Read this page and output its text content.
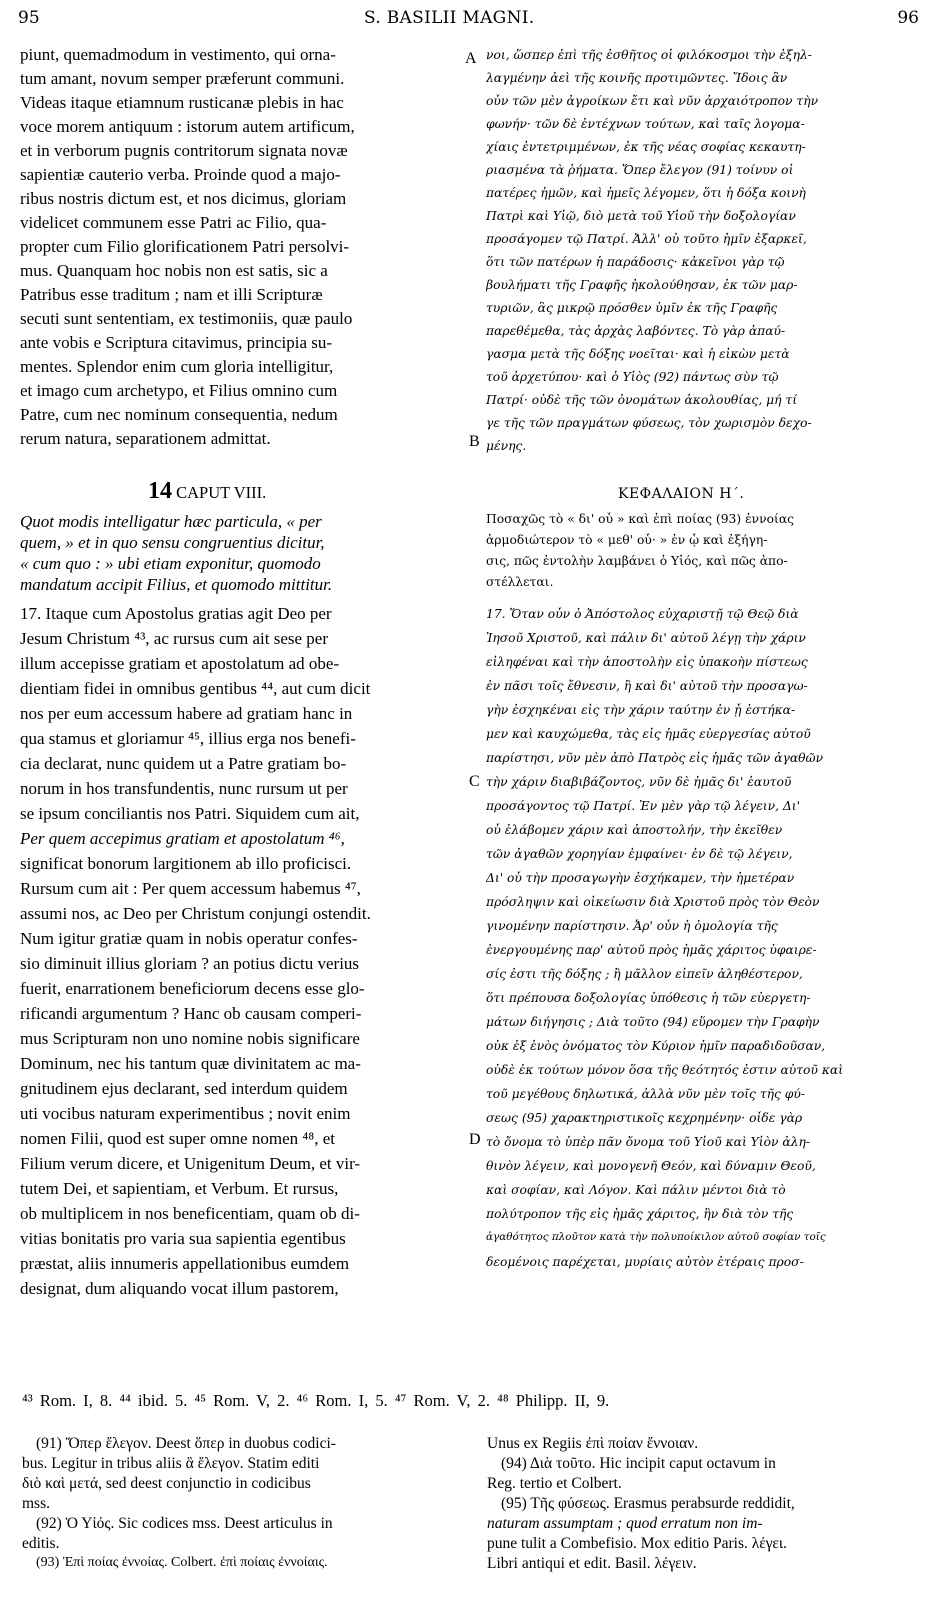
95	S. BASILII MAGNI.	96
piunt, quemadmodum in vestimento, qui orna-
tum amant, novum semper præferunt communi.
Videas itaque etiamnum rusticanæ plebis in hac
voce morem antiquum : istorum autem artificum,
et in verborum pugnis contritorum signata novæ
sapientiæ cauterio verba. Proinde quod a majo-
ribus nostris dictum est, et nos dicimus, gloriam
videlicet communem esse Patri ac Filio, qua-
propter cum Filio glorificationem Patri persolvi-
mus. Quanquam hoc nobis non est satis, sic a
Patribus esse traditum ; nam et illi Scripturæ
secuti sunt sententiam, ex testimoniis, quæ paulo
ante vobis e Scriptura citavimus, principia su-
mentes. Splendor enim cum gloria intelligitur,
et imago cum archetypo, et Filius omnino cum
Patre, cum nec nominum consequentia, nedum
rerum natura, separationem admittat.
A
B
C
D
νοι, ὥσπερ ἐπὶ τῆς ἐσθῆτος οἱ φιλόκοσμοι τὴν ἐξηλ-
λαγμένην ἀεὶ τῆς κοινῆς προτιμῶντες. Ἴδοις ἂν
οὖν τῶν μὲν ἀγροίκων ἔτι καὶ νῦν ἀρχαιότροπον τὴν
φωνήν· τῶν δὲ ἐντέχνων τούτων, καὶ ταῖς λογομα-
χίαις ἐντετριμμένων, ἐκ τῆς νέας σοφίας κεκαυτη-
ριασμένα τὰ ῥήματα. Ὅπερ ἔλεγον (91) τοίνυν οἱ
πατέρες ἡμῶν, καὶ ἡμεῖς λέγομεν, ὅτι ἡ δόξα κοινὴ
Πατρὶ καὶ Υἱῷ, διὸ μετὰ τοῦ Υἱοῦ τὴν δοξολογίαν
προσάγομεν τῷ Πατρί. Ἀλλ' οὐ τοῦτο ἡμῖν ἐξαρκεῖ,
ὅτι τῶν πατέρων ἡ παράδοσις· κἀκεῖνοι γὰρ τῷ
βουλήματι τῆς Γραφῆς ἠκολούθησαν, ἐκ τῶν μαρ-
τυριῶν, ἃς μικρῷ πρόσθεν ὑμῖν ἐκ τῆς Γραφῆς
παρεθέμεθα, τὰς ἀρχὰς λαβόντες. Τὸ γὰρ ἀπαύ-
γασμα μετὰ τῆς δόξης νοεῖται· καὶ ἡ εἰκὼν μετὰ
τοῦ ἀρχετύπου· καὶ ὁ Υἱὸς (92) πάντως σὺν τῷ
Πατρί· οὐδὲ τῆς τῶν ὀνομάτων ἀκολουθίας, μή τί
γε τῆς τῶν πραγμάτων φύσεως, τὸν χωρισμὸν δεχο-
μένης.
14 CAPUT VIII.	ΚΕΦΑΛΑΙΟΝ Η΄.
Quot modis intelligatur hæc particula, « per
quem, » et in quo sensu congruentius dicitur,
« cum quo : » ubi etiam exponitur, quomodo
mandatum accipit Filius, et quomodo mittitur.
Ποσαχῶς τὸ « δι' οὗ » καὶ ἐπὶ ποίας (93) ἐννοίας
ἁρμοδιώτερον τὸ « μεθ' οὗ· » ἐν ᾧ καὶ ἐξήγη-
σις, πῶς ἐντολὴν λαμβάνει ὁ Υἱός, καὶ πῶς ἀπο-
στέλλεται.
17. Itaque cum Apostolus gratias agit Deo per
Jesum Christum ⁴³, ac rursus cum ait sese per
illum accepisse gratiam et apostolatum ad obe-
dientiam fidei in omnibus gentibus ⁴⁴, aut cum dicit
nos per eum accessum habere ad gratiam hanc in
qua stamus et gloriamur ⁴⁵, illius erga nos benefi-
cia declarat, nunc quidem ut a Patre gratiam bo-
norum in hos transfundentis, nunc rursum ut per
se ipsum conciliantis nos Patri. Siquidem cum ait,
Per quem accepimus gratiam et apostolatum ⁴⁶,
significat bonorum largitionem ab illo proficisci.
Rursum cum ait : Per quem accessum habemus ⁴⁷,
assumi nos, ac Deo per Christum conjungi ostendit.
Num igitur gratiæ quam in nobis operatur confes-
sio diminuit illius gloriam ? an potius dictu verius
fuerit, enarrationem beneficiorum decens esse glo-
rificandi argumentum ? Hanc ob causam comperi-
mus Scripturam non uno nomine nobis significare
Dominum, nec his tantum quæ divinitatem ac ma-
gnitudinem ejus declarant, sed interdum quidem
uti vocibus naturam experimentibus ; novit enim
nomen Filii, quod est super omne nomen ⁴⁸, et
Filium verum dicere, et Unigenitum Deum, et vir-
tutem Dei, et sapientiam, et Verbum. Et rursus,
ob multiplicem in nos beneficentiam, quam ob di-
vitias bonitatis pro varia sua sapientia egentibus
præstat, aliis innumeris appellationibus eumdem
designat, dum aliquando vocat illum pastorem,
17. Ὅταν οὖν ὁ Ἀπόστολος εὐχαριστῇ τῷ Θεῷ διὰ
Ἰησοῦ Χριστοῦ, καὶ πάλιν δι' αὐτοῦ λέγῃ τὴν χάριν
εἰληφέναι καὶ τὴν ἀποστολὴν εἰς ὑπακοὴν πίστεως
ἐν πᾶσι τοῖς ἔθνεσιν, ἢ καὶ δι' αὐτοῦ τὴν προσαγω-
γὴν ἐσχηκέναι εἰς τὴν χάριν ταύτην ἐν ᾗ ἑστήκα-
μεν καὶ καυχώμεθα, τὰς εἰς ἡμᾶς εὐεργεσίας αὐτοῦ
παρίστησι, νῦν μὲν ἀπὸ Πατρὸς εἰς ἡμᾶς τῶν ἀγαθῶν
τὴν χάριν διαβιβάζοντος, νῦν δὲ ἡμᾶς δι' ἑαυτοῦ
προσάγοντος τῷ Πατρί. Ἐν μὲν γὰρ τῷ λέγειν, Δι'
οὗ ἐλάβομεν χάριν καὶ ἀποστολήν, τὴν ἐκεῖθεν
τῶν ἀγαθῶν χορηγίαν ἐμφαίνει· ἐν δὲ τῷ λέγειν,
Δι' οὗ τὴν προσαγωγὴν ἐσχήκαμεν, τὴν ἡμετέραν
πρόσληψιν καὶ οἰκείωσιν διὰ Χριστοῦ πρὸς τὸν Θεὸν
γινομένην παρίστησιν. Ἆρ' οὖν ἡ ὁμολογία τῆς
ἐνεργουμένης παρ' αὐτοῦ πρὸς ἡμᾶς χάριτος ὑφαιρε-
σίς ἐστι τῆς δόξης ; ἢ μᾶλλον εἰπεῖν ἀληθέστερον,
ὅτι πρέπουσα δοξολογίας ὑπόθεσις ἡ τῶν εὐεργετη-
μάτων διήγησις ; Διὰ τοῦτο (94) εὕρομεν τὴν Γραφὴν
οὐκ ἐξ ἑνὸς ὀνόματος τὸν Κύριον ἡμῖν παραδιδοῦσαν,
οὐδὲ ἐκ τούτων μόνον ὅσα τῆς θεότητός ἐστιν αὐτοῦ καὶ
τοῦ μεγέθους δηλωτικά, ἀλλὰ νῦν μὲν τοῖς τῆς φύ-
σεως (95) χαρακτηριστικοῖς κεχρημένην· οἶδε γὰρ
τὸ ὄνομα τὸ ὑπὲρ πᾶν ὄνομα τοῦ Υἱοῦ καὶ Υἱὸν ἀλη-
θινὸν λέγειν, καὶ μονογενῆ Θεόν, καὶ δύναμιν Θεοῦ,
καὶ σοφίαν, καὶ Λόγον. Καὶ πάλιν μέντοι διὰ τὸ
πολύτροπον τῆς εἰς ἡμᾶς χάριτος, ἣν διὰ τὸν τῆς
ἀγαθότητος πλοῦτον κατὰ τὴν πολυποίκιλον αὐτοῦ σοφίαν τοῖς
δεομένοις παρέχεται, μυρίαις αὐτὸν ἑτέραις προσ-
⁴³ Rom. I, 8. ⁴⁴ ibid. 5. ⁴⁵ Rom. V, 2. ⁴⁶ Rom. I, 5. ⁴⁷ Rom. V, 2. ⁴⁸ Philipp. II, 9.
(91) Ὅπερ ἔλεγον. Deest ὅπερ in duobus codici-
bus. Legitur in tribus aliis ἃ ἔλεγον. Statim editi
διὸ καὶ μετά, sed deest conjunctio in codicibus
mss.
(92) Ὁ Υἱός. Sic codices mss. Deest articulus in
editis.
(93) Ἐπὶ ποίας ἐννοίας. Colbert. ἐπὶ ποίαις ἐννοίαις.
Unus ex Regiis ἐπὶ ποίαν ἔννοιαν.
(94) Διὰ τοῦτο. Hic incipit caput octavum in
Reg. tertio et Colbert.
(95) Τῆς φύσεως. Erasmus perabsurde reddidit,
naturam assumptam ; quod erratum non im-
pune tulit a Combefisio. Mox editio Paris. λέγει.
Libri antiqui et edit. Basil. λέγειν.
